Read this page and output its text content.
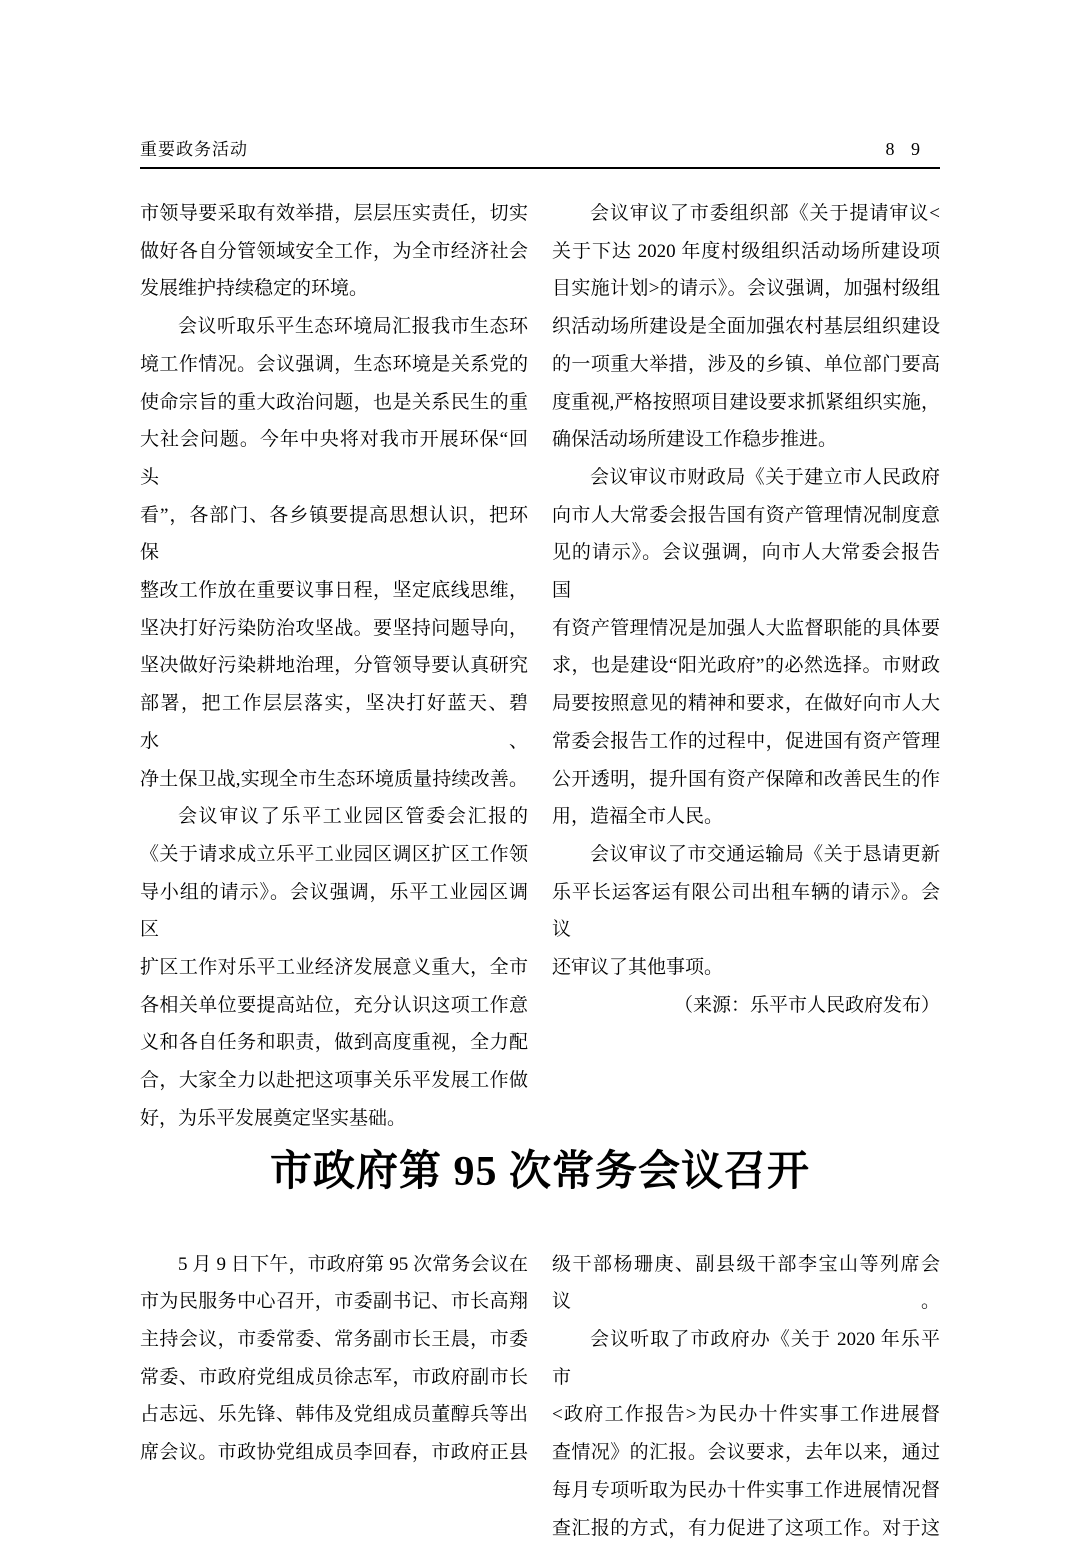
重要政务活动	8 9
市领导要采取有效举措，层层压实责任，切实
做好各自分管领域安全工作，为全市经济社会
发展维护持续稳定的环境。
会议听取乐平生态环境局汇报我市生态环
境工作情况。会议强调，生态环境是关系党的
使命宗旨的重大政治问题，也是关系民生的重
大社会问题。今年中央将对我市开展环保“回头
看”，各部门、各乡镇要提高思想认识，把环保
整改工作放在重要议事日程，坚定底线思维，
坚决打好污染防治攻坚战。要坚持问题导向，
坚决做好污染耕地治理，分管领导要认真研究
部署，把工作层层落实，坚决打好蓝天、碧水、
净土保卫战,实现全市生态环境质量持续改善。
会议审议了乐平工业园区管委会汇报的
《关于请求成立乐平工业园区调区扩区工作领
导小组的请示》。会议强调，乐平工业园区调区
扩区工作对乐平工业经济发展意义重大，全市
各相关单位要提高站位，充分认识这项工作意
义和各自任务和职责，做到高度重视，全力配
合，大家全力以赴把这项事关乐平发展工作做
好，为乐平发展奠定坚实基础。
会议审议了市委组织部《关于提请审议<
关于下达 2020 年度村级组织活动场所建设项
目实施计划>的请示》。会议强调，加强村级组
织活动场所建设是全面加强农村基层组织建设
的一项重大举措，涉及的乡镇、单位部门要高
度重视,严格按照项目建设要求抓紧组织实施，
确保活动场所建设工作稳步推进。
会议审议市财政局《关于建立市人民政府
向市人大常委会报告国有资产管理情况制度意
见的请示》。会议强调，向市人大常委会报告国
有资产管理情况是加强人大监督职能的具体要
求，也是建设“阳光政府”的必然选择。市财政
局要按照意见的精神和要求，在做好向市人大
常委会报告工作的过程中，促进国有资产管理
公开透明，提升国有资产保障和改善民生的作
用，造福全市人民。
会议审议了市交通运输局《关于恳请更新
乐平长运客运有限公司出租车辆的请示》。会议
还审议了其他事项。
（来源：乐平市人民政府发布）
市政府第 95 次常务会议召开
5 月 9 日下午，市政府第 95 次常务会议在
市为民服务中心召开，市委副书记、市长高翔
主持会议，市委常委、常务副市长王晨，市委
常委、市政府党组成员徐志军，市政府副市长
占志远、乐先锋、韩伟及党组成员董醇兵等出
席会议。市政协党组成员李回春，市政府正县
级干部杨珊庚、副县级干部李宝山等列席会议。
会议听取了市政府办《关于 2020 年乐平市
<政府工作报告>为民办十件实事工作进展督
查情况》的汇报。会议要求，去年以来，通过
每月专项听取为民办十件实事工作进展情况督
查汇报的方式，有力促进了这项工作。对于这
